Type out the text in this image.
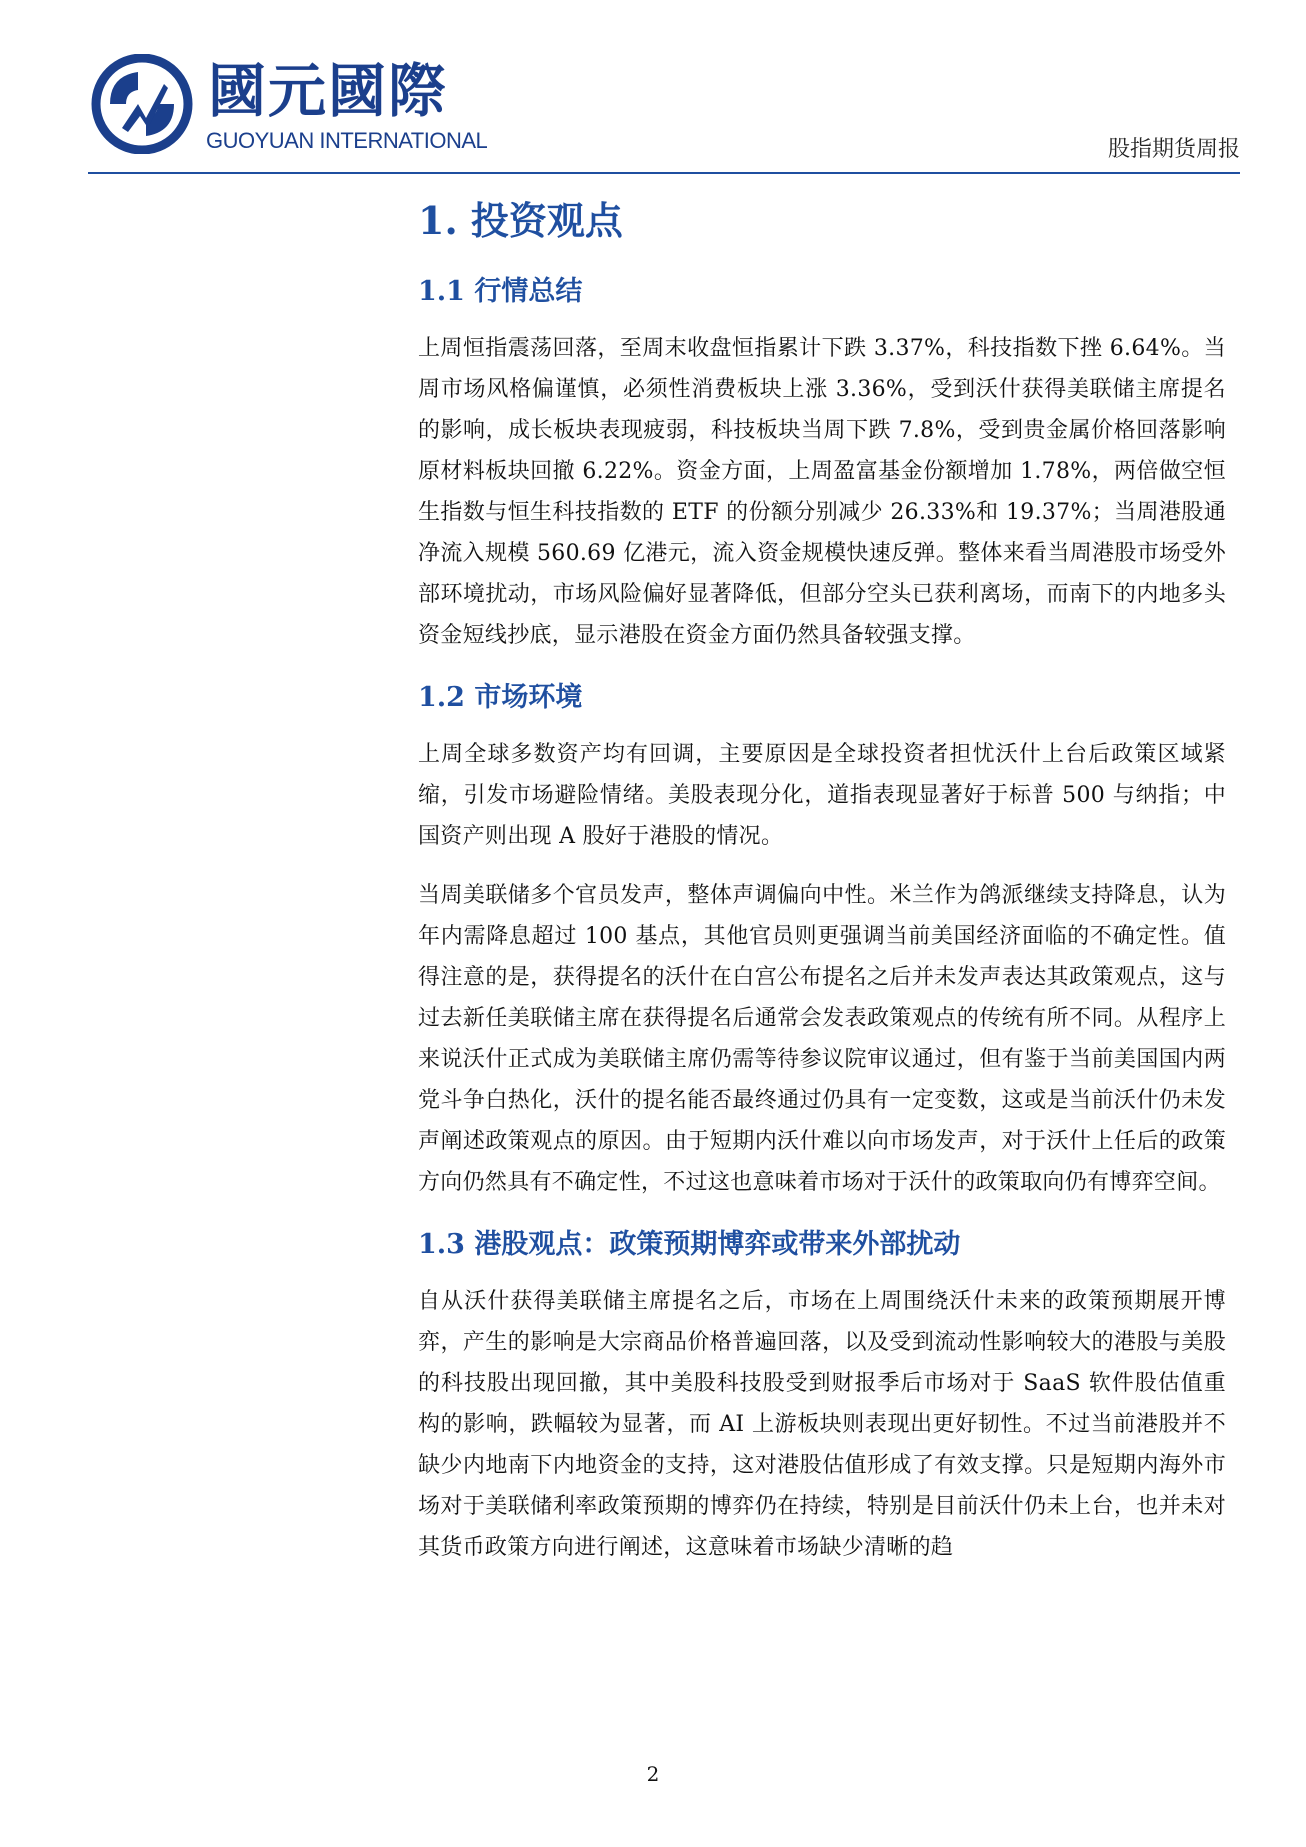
國元國際
GUOYUAN INTERNATIONAL	股指期货周报
1. 投资观点
1.1 行情总结

上周恒指震荡回落，至周末收盘恒指累计下跌 3.37%，科技指数下挫 6.64%。当周市场风格偏谨慎，必须性消费板块上涨 3.36%，受到沃什获得美联储主席提名的影响，成长板块表现疲弱，科技板块当周下跌 7.8%，受到贵金属价格回落影响原材料板块回撤 6.22%。资金方面，上周盈富基金份额增加 1.78%，两倍做空恒生指数与恒生科技指数的 ETF 的份额分别减少 26.33%和 19.37%；当周港股通净流入规模 560.69 亿港元，流入资金规模快速反弹。整体来看当周港股市场受外部环境扰动，市场风险偏好显著降低，但部分空头已获利离场，而南下的内地多头资金短线抄底，显示港股在资金方面仍然具备较强支撑。

1.2 市场环境

上周全球多数资产均有回调，主要原因是全球投资者担忧沃什上台后政策区域紧缩，引发市场避险情绪。美股表现分化，道指表现显著好于标普 500 与纳指；中国资产则出现 A 股好于港股的情况。

当周美联储多个官员发声，整体声调偏向中性。米兰作为鸽派继续支持降息，认为年内需降息超过 100 基点，其他官员则更强调当前美国经济面临的不确定性。值得注意的是，获得提名的沃什在白宫公布提名之后并未发声表达其政策观点，这与过去新任美联储主席在获得提名后通常会发表政策观点的传统有所不同。从程序上来说沃什正式成为美联储主席仍需等待参议院审议通过，但有鉴于当前美国国内两党斗争白热化，沃什的提名能否最终通过仍具有一定变数，这或是当前沃什仍未发声阐述政策观点的原因。由于短期内沃什难以向市场发声，对于沃什上任后的政策方向仍然具有不确定性，不过这也意味着市场对于沃什的政策取向仍有博弈空间。

1.3 港股观点：政策预期博弈或带来外部扰动

自从沃什获得美联储主席提名之后，市场在上周围绕沃什未来的政策预期展开博弈，产生的影响是大宗商品价格普遍回落，以及受到流动性影响较大的港股与美股的科技股出现回撤，其中美股科技股受到财报季后市场对于 SaaS 软件股估值重构的影响，跌幅较为显著，而 AI 上游板块则表现出更好韧性。不过当前港股并不缺少内地南下内地资金的支持，这对港股估值形成了有效支撑。只是短期内海外市场对于美联储利率政策预期的博弈仍在持续，特别是目前沃什仍未上台，也并未对其货币政策方向进行阐述，这意味着市场缺少清晰的趋

2
